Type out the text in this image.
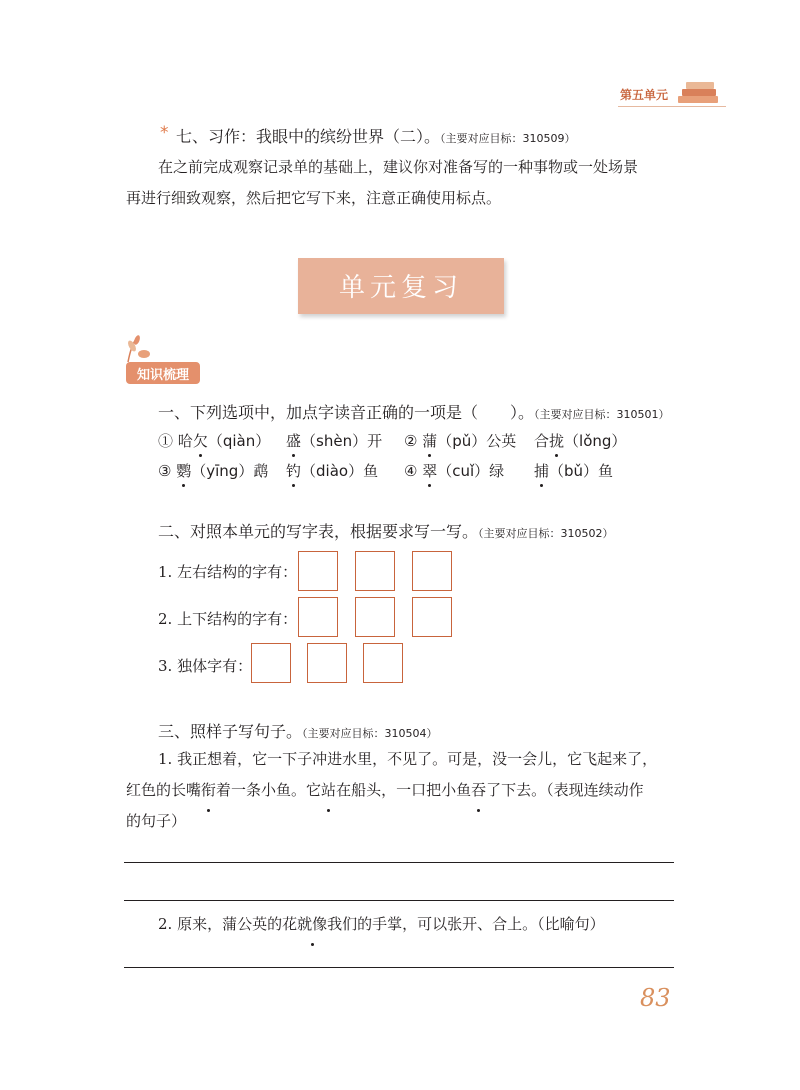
第五单元
* 七、习作：我眼中的缤纷世界（二）。（主要对应目标：310509）
在之前完成观察记录单的基础上，建议你对准备写的一种事物或一处场景
再进行细致观察，然后把它写下来，注意正确使用标点。
单元复习
知识梳理
一、下列选项中，加点字读音正确的一项是（　　）。（主要对应目标：310501）
① 哈欠（qiàn） 盛（shèn）开 ② 蒲（pǔ）公英 合拢（lǒng）
③ 鹦（yīng）鹉 钓（diào）鱼 ④ 翠（cuǐ）绿 捕（bǔ）鱼
二、对照本单元的写字表，根据要求写一写。（主要对应目标：310502）
1. 左右结构的字有：
2. 上下结构的字有：
3. 独体字有：
三、照样子写句子。（主要对应目标：310504）
1. 我正想着，它一下子冲进水里，不见了。可是，没一会儿，它飞起来了，
红色的长嘴衔着一条小鱼。它站在船头，一口把小鱼吞了下去。（表现连续动作
的句子）
2. 原来，蒲公英的花就像我们的手掌，可以张开、合上。（比喻句）
83
